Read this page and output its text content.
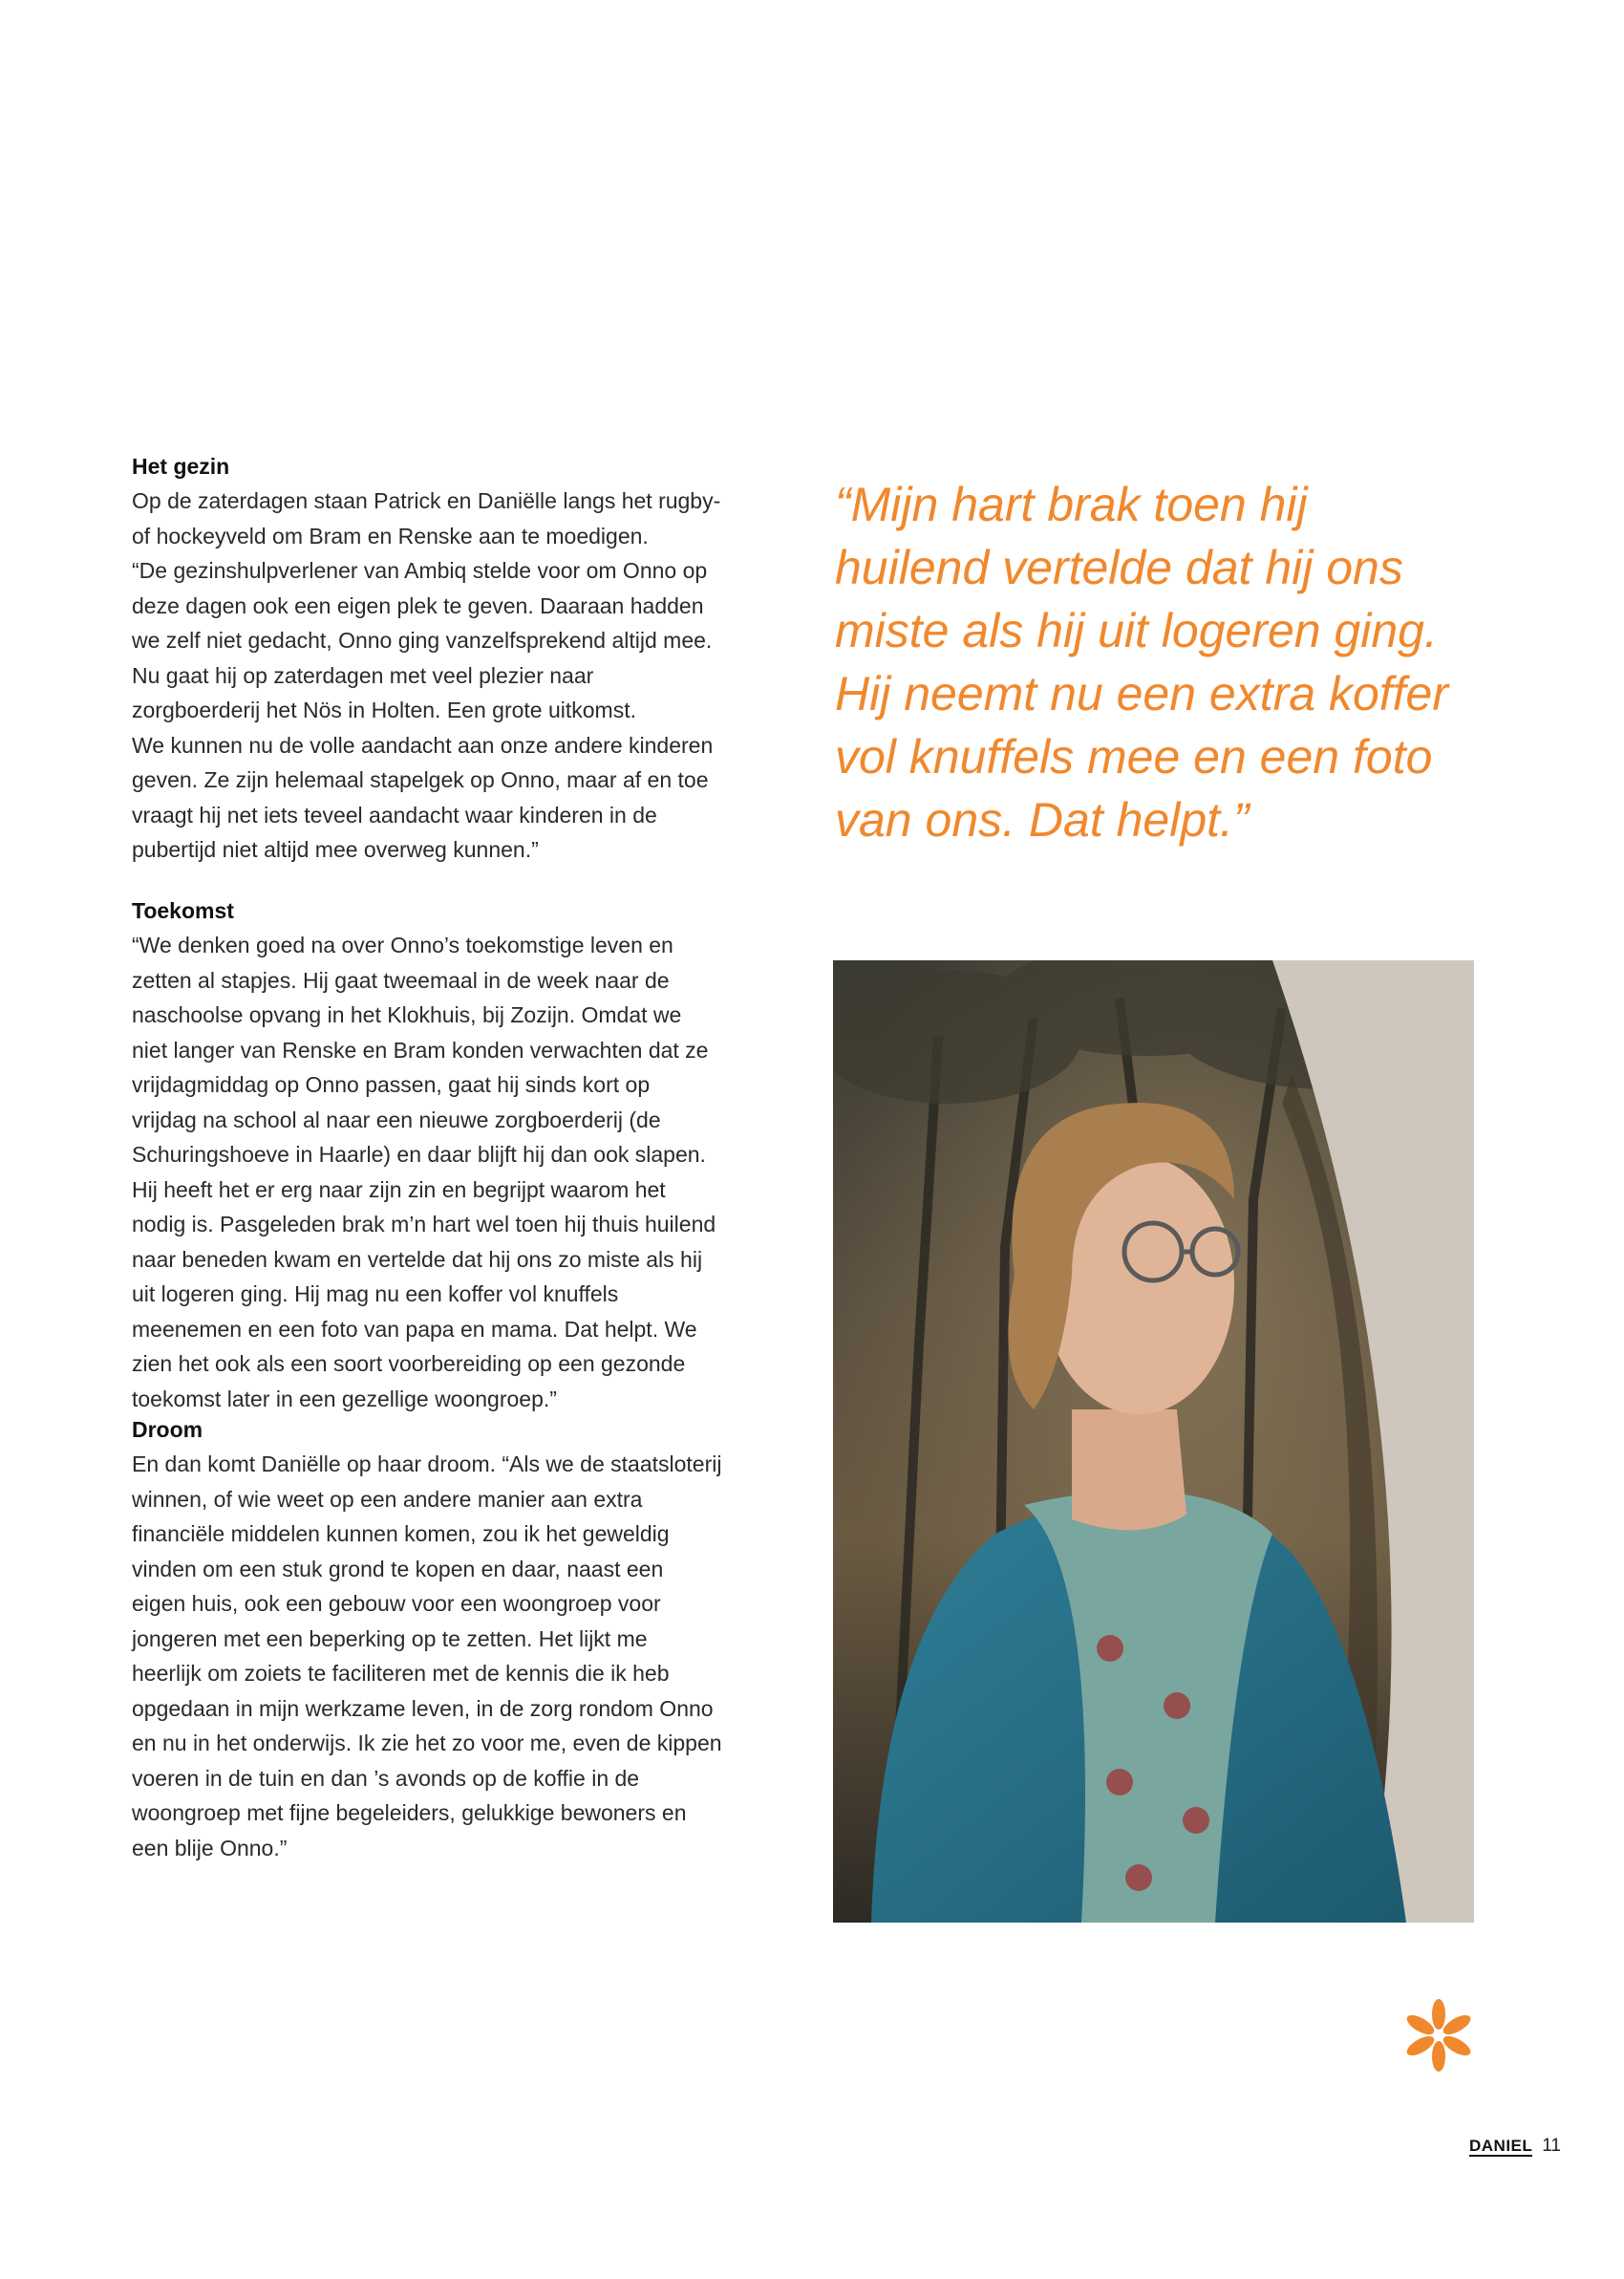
Het gezin

Op de zaterdagen staan Patrick en Daniëlle langs het rugby-
of hockeyveld om Bram en Renske aan te moedigen.
“De gezinshulpverlener van Ambiq stelde voor om Onno op
deze dagen ook een eigen plek te geven. Daaraan hadden
we zelf niet gedacht, Onno ging vanzelfsprekend altijd mee.
Nu gaat hij op zaterdagen met veel plezier naar
zorgboerderij het Nös in Holten. Een grote uitkomst.
We kunnen nu de volle aandacht aan onze andere kinderen
geven. Ze zijn helemaal stapelgek op Onno, maar af en toe
vraagt hij net iets teveel aandacht waar kinderen in de
pubertijd niet altijd mee overweg kunnen.”

Toekomst

“We denken goed na over Onno’s toekomstige leven en
zetten al stapjes. Hij gaat tweemaal in de week naar de
naschoolse opvang in het Klokhuis, bij Zozijn. Omdat we
niet langer van Renske en Bram konden verwachten dat ze
vrijdagmiddag op Onno passen, gaat hij sinds kort op
vrijdag na school al naar een nieuwe zorgboerderij (de
Schuringshoeve in Haarle) en daar blijft hij dan ook slapen.
Hij heeft het er erg naar zijn zin en begrijpt waarom het
nodig is. Pasgeleden brak m’n hart wel toen hij thuis huilend
naar beneden kwam en vertelde dat hij ons zo miste als hij
uit logeren ging. Hij mag nu een koffer vol knuffels
meenemen en een foto van papa en mama. Dat helpt. We
zien het ook als een soort voorbereiding op een gezonde
toekomst later in een gezellige woongroep.”

Droom

En dan komt Daniëlle op haar droom. “Als we de staatsloterij
winnen, of wie weet op een andere manier aan extra
financiële middelen kunnen komen, zou ik het geweldig
vinden om een stuk grond te kopen en daar, naast een
eigen huis, ook een gebouw voor een woongroep voor
jongeren met een beperking op te zetten. Het lijkt me
heerlijk om zoiets te faciliteren met de kennis die ik heb
opgedaan in mijn werkzame leven, in de zorg rondom Onno
en nu in het onderwijs. Ik zie het zo voor me, even de kippen
voeren in de tuin en dan ’s avonds op de koffie in de
woongroep met fijne begeleiders, gelukkige bewoners en
een blije Onno.”

“Mijn hart brak toen hij
huilend vertelde dat hij ons
miste als hij uit logeren ging.
Hij neemt nu een extra koffer
vol knuffels mee en een foto
van ons. Dat helpt.”
DANIEL 11
